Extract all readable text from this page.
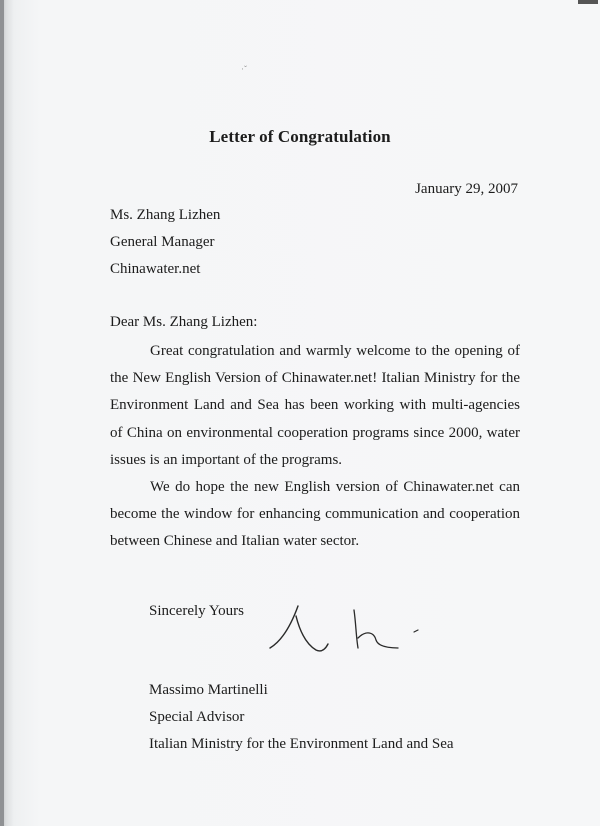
·ˇ
Letter of Congratulation
January 29, 2007
Ms. Zhang Lizhen
General Manager
Chinawater.net
Dear Ms. Zhang Lizhen:

Great congratulation and warmly welcome to the opening of the New English Version of Chinawater.net! Italian Ministry for the Environment Land and Sea has been working with multi-agencies of China on environmental cooperation programs since 2000, water issues is an important of the programs.

We do hope the new English version of Chinawater.net can become the window for enhancing communication and cooperation between Chinese and Italian water sector.

Sincerely Yours
Massimo Martinelli
Special Advisor
Italian Ministry for the Environment Land and Sea
